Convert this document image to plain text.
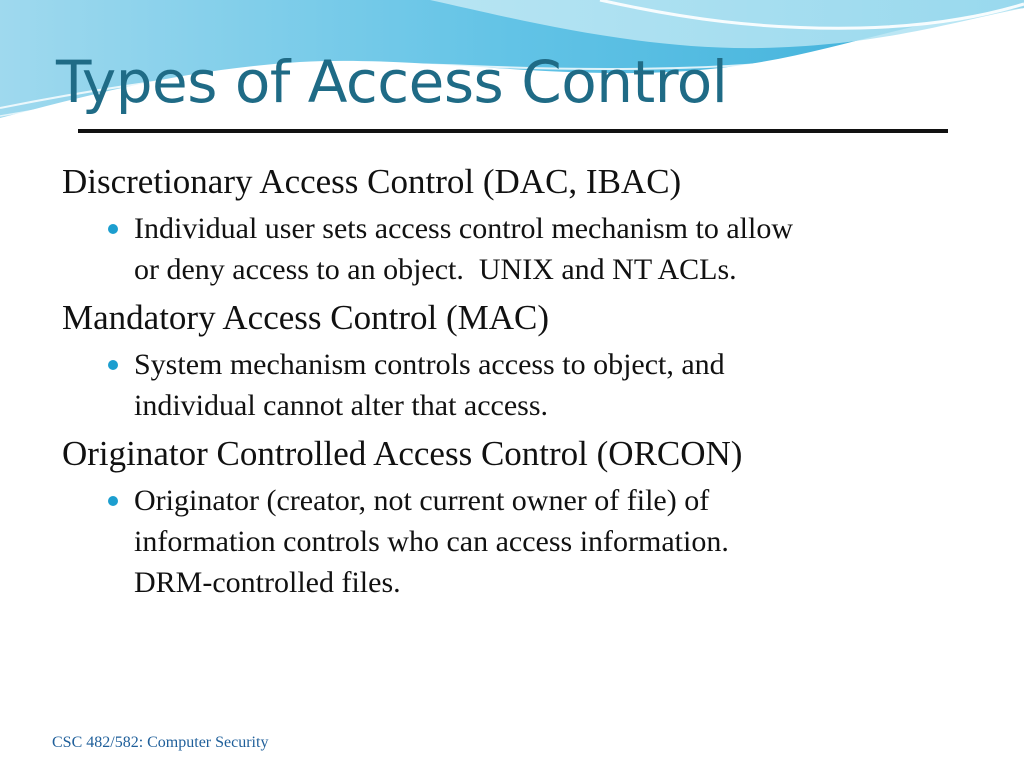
Types of Access Control

Discretionary Access Control (DAC, IBAC)

Individual user sets access control mechanism to allow
or deny access to an object.  UNIX and NT ACLs.

Mandatory Access Control (MAC)

System mechanism controls access to object, and
individual cannot alter that access.

Originator Controlled Access Control (ORCON)

Originator (creator, not current owner of file) of
information controls who can access information.
DRM-controlled files.
CSC 482/582: Computer Security
